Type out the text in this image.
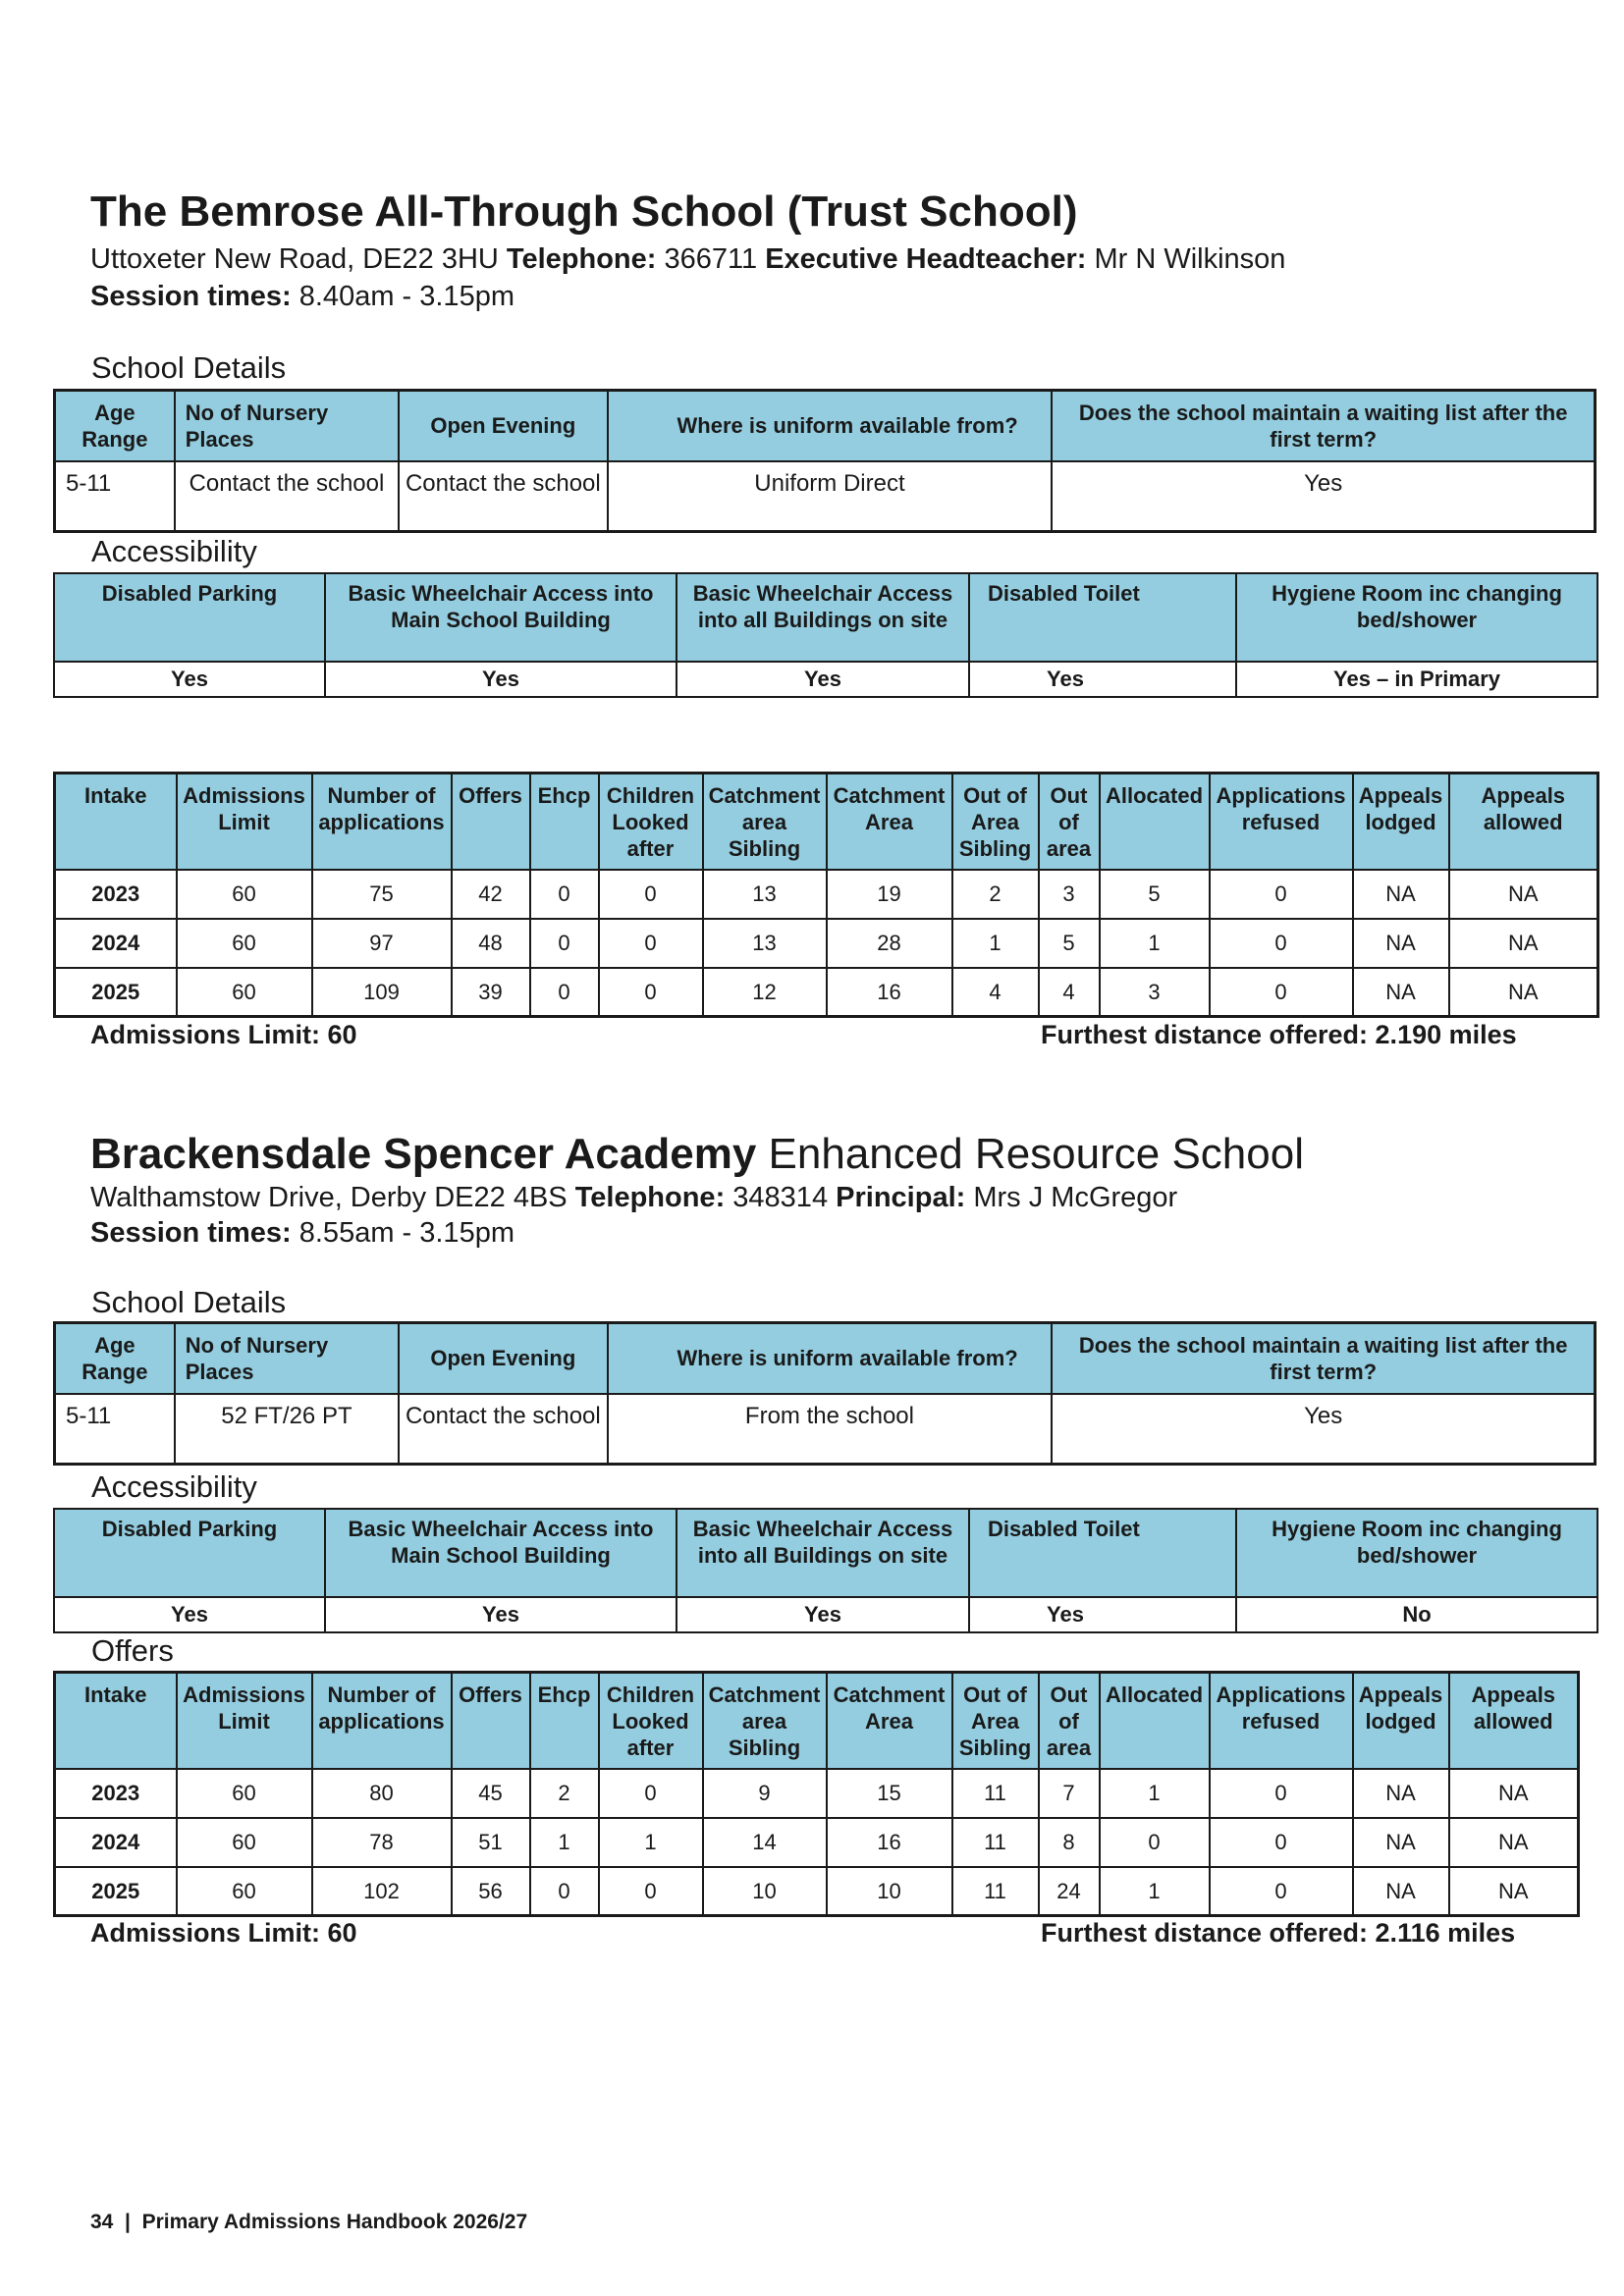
The Bemrose All-Through School (Trust School)
Uttoxeter New Road, DE22 3HU Telephone: 366711 Executive Headteacher: Mr N Wilkinson
Session times: 8.40am - 3.15pm
School Details
Age Range	No of Nursery Places	Open Evening	Where is uniform available from?	Does the school maintain a waiting list after the first term?
5-11	Contact the school	Contact the school	Uniform Direct	Yes
Accessibility
Disabled Parking	Basic Wheelchair Access into Main School Building	Basic Wheelchair Access into all Buildings on site	Disabled Toilet	Hygiene Room inc changing bed/shower
Yes	Yes	Yes	Yes	Yes – in Primary
Intake	Admissions Limit	Number of applications	Offers	Ehcp	Children Looked after	Catchment area Sibling	Catchment Area	Out of Area Sibling	Out of area	Allocated	Applications refused	Appeals lodged	Appeals allowed
2023	60	75	42	0	0	13	19	2	3	5	0	NA	NA
2024	60	97	48	0	0	13	28	1	5	1	0	NA	NA
2025	60	109	39	0	0	12	16	4	4	3	0	NA	NA
Admissions Limit: 60	Furthest distance offered: 2.190 miles
Brackensdale Spencer Academy Enhanced Resource School
Walthamstow Drive, Derby DE22 4BS Telephone: 348314 Principal: Mrs J McGregor
Session times: 8.55am - 3.15pm
School Details
Age Range	No of Nursery Places	Open Evening	Where is uniform available from?	Does the school maintain a waiting list after the first term?
5-11	52 FT/26 PT	Contact the school	From the school	Yes
Accessibility
Disabled Parking	Basic Wheelchair Access into Main School Building	Basic Wheelchair Access into all Buildings on site	Disabled Toilet	Hygiene Room inc changing bed/shower
Yes	Yes	Yes	Yes	No
Offers
Intake	Admissions Limit	Number of applications	Offers	Ehcp	Children Looked after	Catchment area Sibling	Catchment Area	Out of Area Sibling	Out of area	Allocated	Applications refused	Appeals lodged	Appeals allowed
2023	60	80	45	2	0	9	15	11	7	1	0	NA	NA
2024	60	78	51	1	1	14	16	11	8	0	0	NA	NA
2025	60	102	56	0	0	10	10	11	24	1	0	NA	NA
Admissions Limit: 60	Furthest distance offered: 2.116 miles
34 | Primary Admissions Handbook 2026/27
